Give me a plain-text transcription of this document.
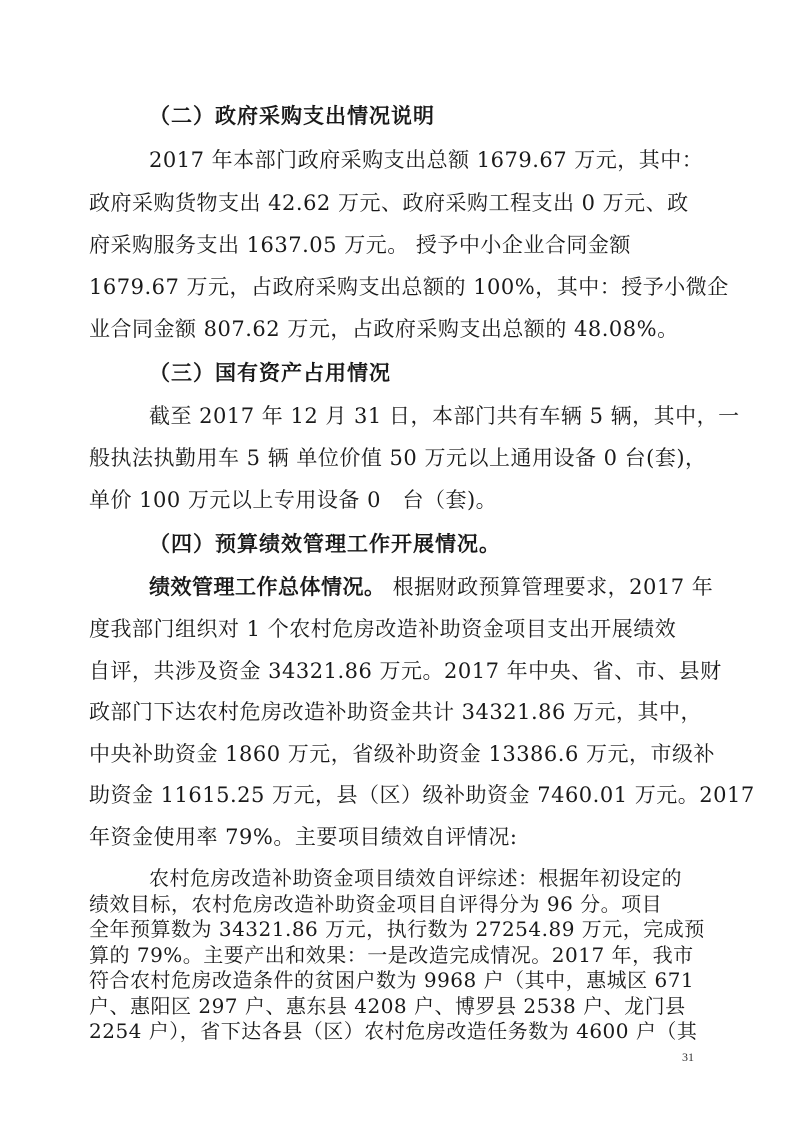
（二）政府采购支出情况说明
2017 年本部门政府采购支出总额 1679.67 万元，其中：
政府采购货物支出 42.62 万元、政府采购工程支出 0 万元、政
府采购服务支出 1637.05 万元。 授予中小企业合同金额
1679.67 万元，占政府采购支出总额的 100%，其中：授予小微企
业合同金额 807.62 万元，占政府采购支出总额的 48.08%。
（三）国有资产占用情况
截至 2017 年 12 月 31 日，本部门共有车辆 5 辆，其中，一
般执法执勤用车 5 辆 单位价值 50 万元以上通用设备 0 台(套)，
单价 100 万元以上专用设备 0　台（套)。
（四）预算绩效管理工作开展情况。
绩效管理工作总体情况。 根据财政预算管理要求，2017 年
度我部门组织对 1 个农村危房改造补助资金项目支出开展绩效
自评，共涉及资金 34321.86 万元。2017 年中央、省、市、县财
政部门下达农村危房改造补助资金共计 34321.86 万元，其中，
中央补助资金 1860 万元，省级补助资金 13386.6 万元，市级补
助资金 11615.25 万元，县（区）级补助资金 7460.01 万元。2017
年资金使用率 79%。主要项目绩效自评情况:
农村危房改造补助资金项目绩效自评综述：根据年初设定的
绩效目标，农村危房改造补助资金项目自评得分为 96 分。项目
全年预算数为 34321.86 万元，执行数为 27254.89 万元，完成预
算的 79%。主要产出和效果：一是改造完成情况。2017 年，我市
符合农村危房改造条件的贫困户数为 9968 户（其中，惠城区 671
户、惠阳区 297 户、惠东县 4208 户、博罗县 2538 户、龙门县
2254 户），省下达各县（区）农村危房改造任务数为 4600 户（其
31
